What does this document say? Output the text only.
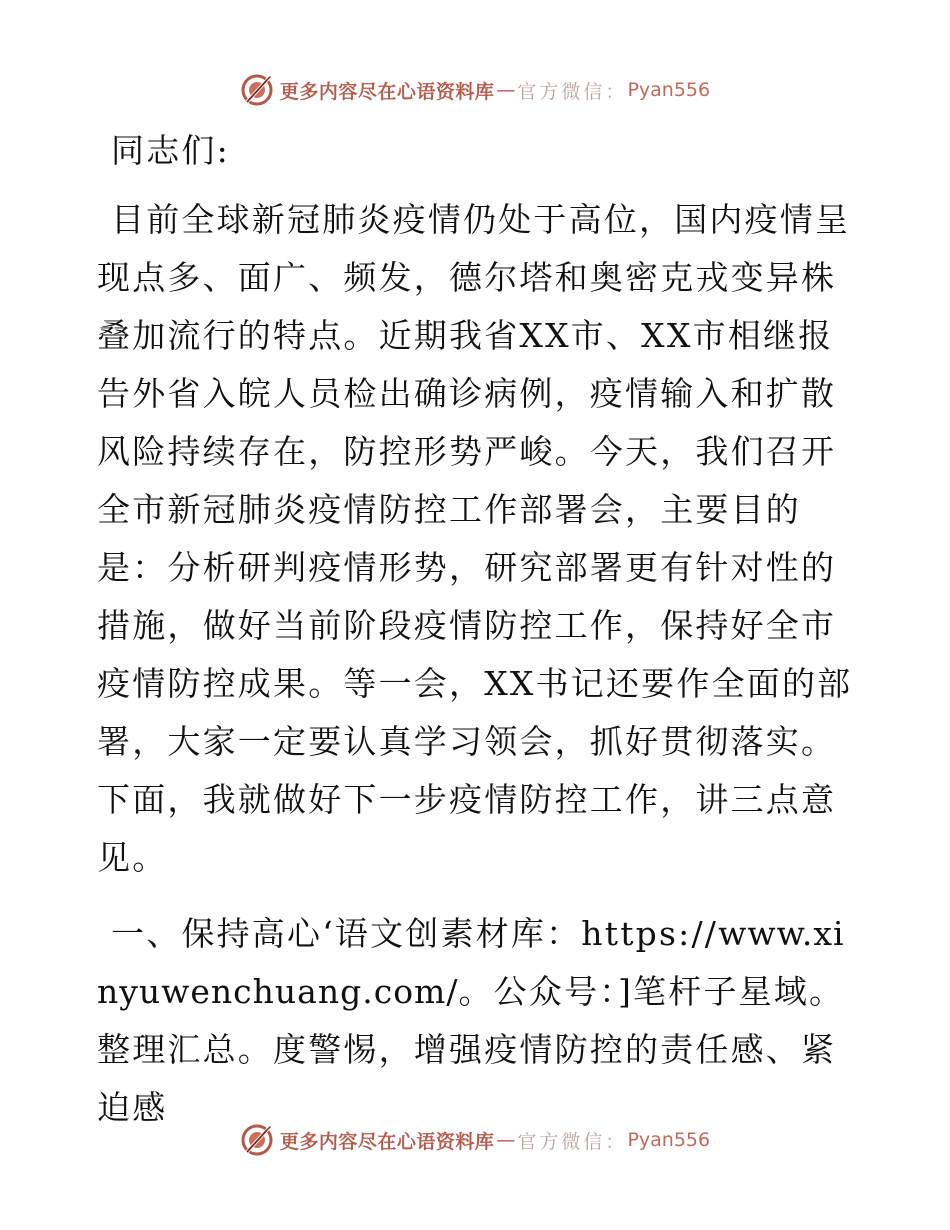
更多内容尽在心语资料库 — 官方微信： Pyan556

同志们:

目前全球新冠肺炎疫情仍处于高位，国内疫情呈现点多、面广、频发，德尔塔和奥密克戎变异株叠加流行的特点。近期我省XX市、XX市相继报告外省入皖人员检出确诊病例，疫情输入和扩散风险持续存在，防控形势严峻。今天，我们召开全市新冠肺炎疫情防控工作部署会，主要目的是：分析研判疫情形势，研究部署更有针对性的措施，做好当前阶段疫情防控工作，保持好全市疫情防控成果。等一会，XX书记还要作全面的部署，大家一定要认真学习领会，抓好贯彻落实。下面，我就做好下一步疫情防控工作，讲三点意见。

一、保持高心‘语文创素材库：https://www.xinyuwenchuang.com/。公众号：]笔杆子星域。整理汇总。度警惕，增强疫情防控的责任感、紧迫感

更多内容尽在心语资料库 — 官方微信： Pyan556
